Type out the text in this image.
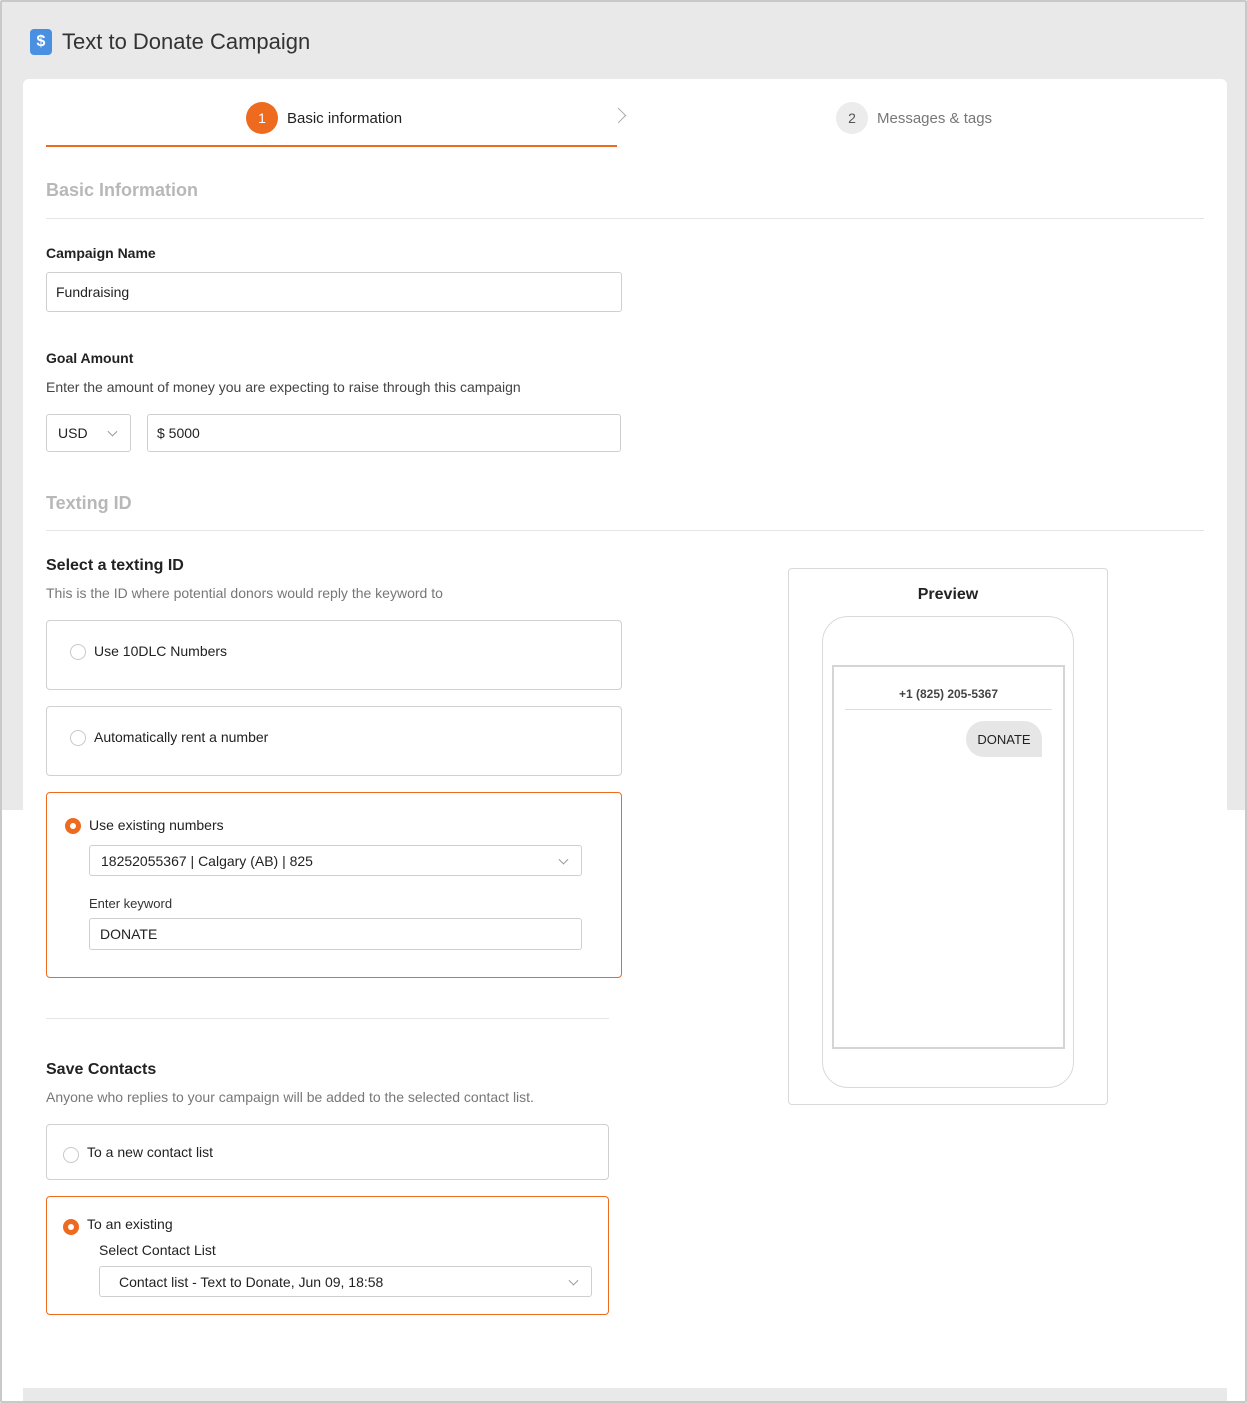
$ Text to Donate Campaign
1	Basic information	2	Messages & tags
Basic Information
Campaign Name
Fundraising
Goal Amount
Enter the amount of money you are expecting to raise through this campaign
USD	$ 5000
Texting ID
Select a texting ID
This is the ID where potential donors would reply the keyword to
Use 10DLC Numbers
Automatically rent a number
Use existing numbers
18252055367 | Calgary (AB) | 825
Enter keyword
DONATE
Save Contacts
Anyone who replies to your campaign will be added to the selected contact list.
To a new contact list
To an existing
Select Contact List
Contact list - Text to Donate, Jun 09, 18:58
Preview
+1 (825) 205-5367
DONATE
